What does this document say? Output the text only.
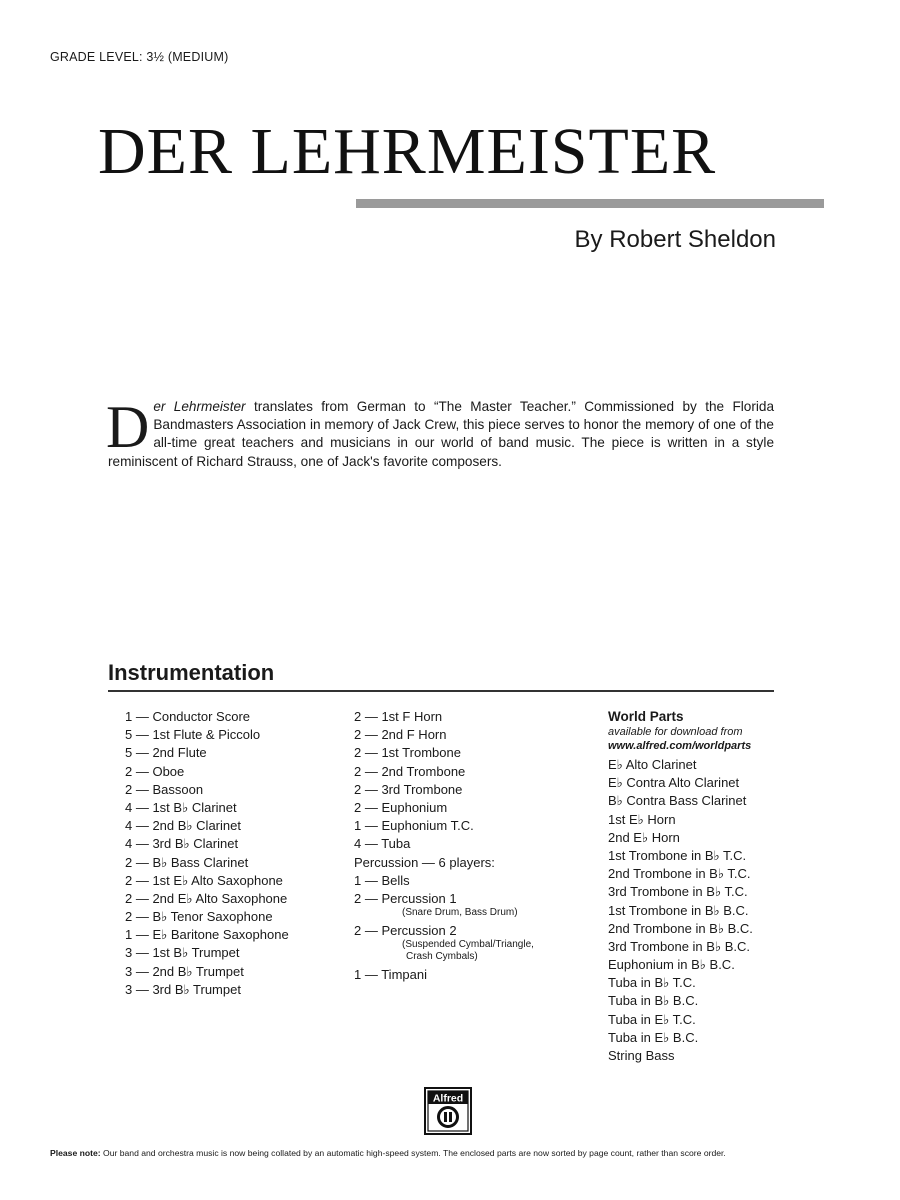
GRADE LEVEL: 3½ (MEDIUM)
DER LEHRMEISTER
By Robert Sheldon
Der Lehrmeister translates from German to “The Master Teacher.” Commissioned by the Florida Bandmasters Association in memory of Jack Crew, this piece serves to honor the memory of one of the all-time great teachers and musicians in our world of band music. The piece is written in a style reminiscent of Richard Strauss, one of Jack's favorite composers.
Instrumentation
1 — Conductor Score
5 — 1st Flute & Piccolo
5 — 2nd Flute
2 — Oboe
2 — Bassoon
4 — 1st B♭ Clarinet
4 — 2nd B♭ Clarinet
4 — 3rd B♭ Clarinet
2 — B♭ Bass Clarinet
2 — 1st E♭ Alto Saxophone
2 — 2nd E♭ Alto Saxophone
2 — B♭ Tenor Saxophone
1 — E♭ Baritone Saxophone
3 — 1st B♭ Trumpet
3 — 2nd B♭ Trumpet
3 — 3rd B♭ Trumpet
2 — 1st F Horn
2 — 2nd F Horn
2 — 1st Trombone
2 — 2nd Trombone
2 — 3rd Trombone
2 — Euphonium
1 — Euphonium T.C.
4 — Tuba
Percussion — 6 players:
1 — Bells
2 — Percussion 1
(Snare Drum, Bass Drum)
2 — Percussion 2
(Suspended Cymbal/Triangle,
Crash Cymbals)
1 — Timpani
World Parts
available for download from
www.alfred.com/worldparts
E♭ Alto Clarinet
E♭ Contra Alto Clarinet
B♭ Contra Bass Clarinet
1st E♭ Horn
2nd E♭ Horn
1st Trombone in B♭ T.C.
2nd Trombone in B♭ T.C.
3rd Trombone in B♭ T.C.
1st Trombone in B♭ B.C.
2nd Trombone in B♭ B.C.
3rd Trombone in B♭ B.C.
Euphonium in B♭ B.C.
Tuba in B♭ T.C.
Tuba in B♭ B.C.
Tuba in E♭ T.C.
Tuba in E♭ B.C.
String Bass
Alfred
Please note: Our band and orchestra music is now being collated by an automatic high-speed system. The enclosed parts are now sorted by page count, rather than score order.
